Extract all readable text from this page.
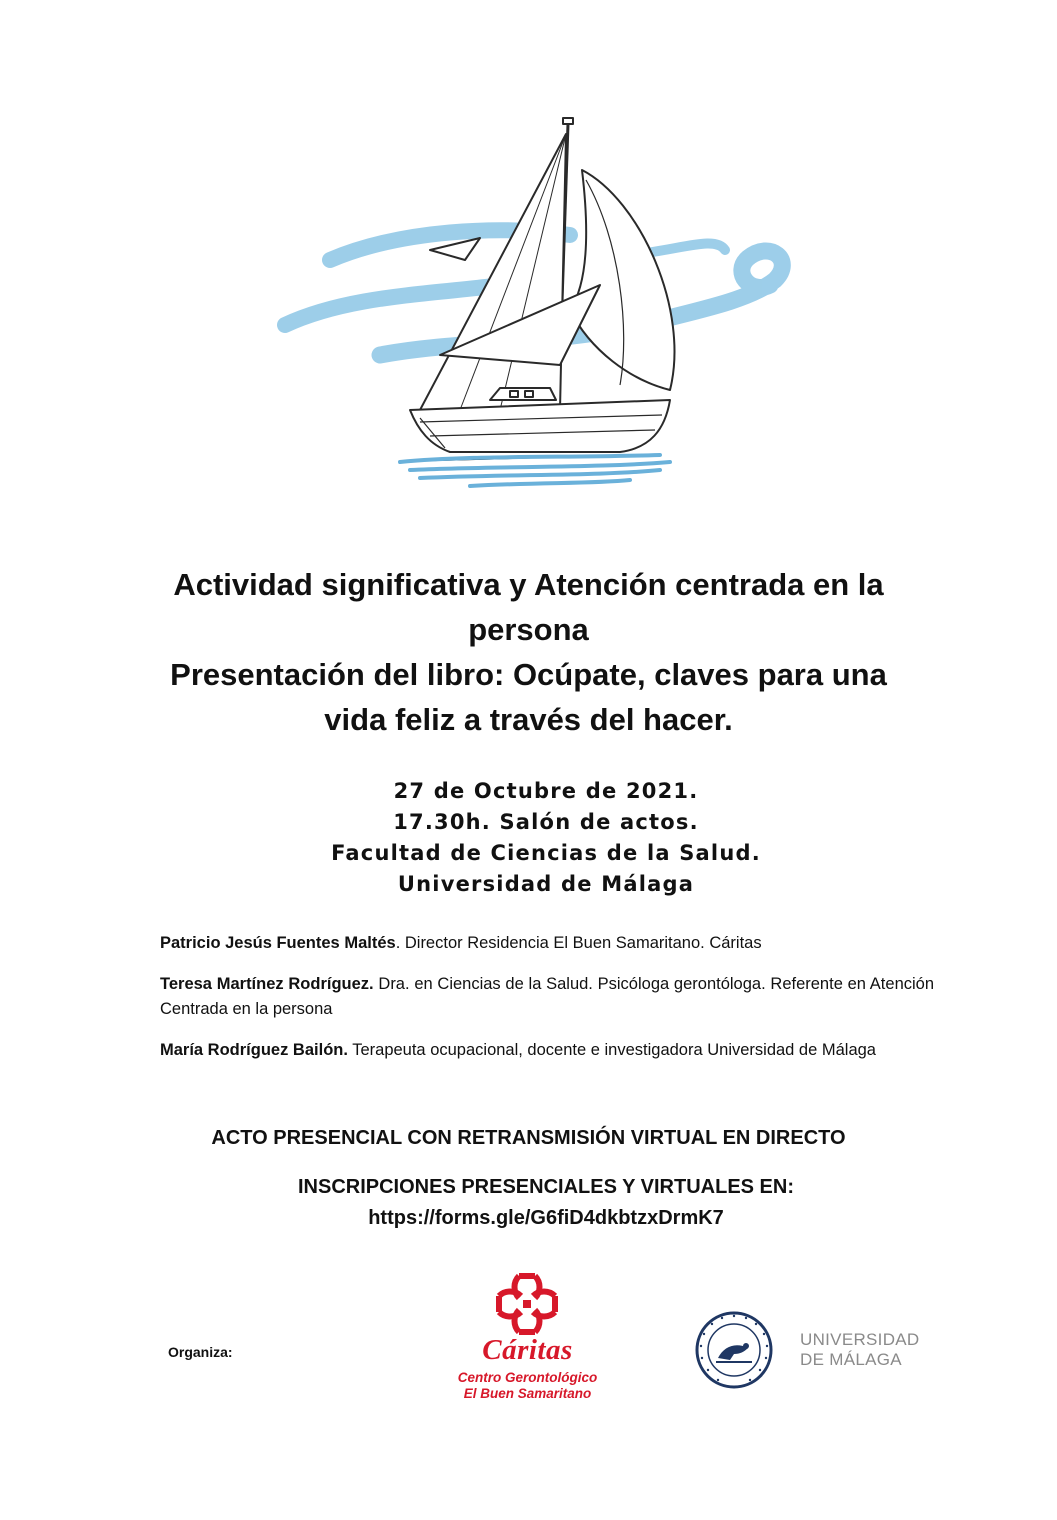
Actividad significativa y Atención centrada en la
persona
Presentación del libro: Ocúpate, claves para una
vida feliz a través del hacer.
27 de Octubre de 2021.
17.30h. Salón de actos.
Facultad de Ciencias de la Salud.
Universidad de Málaga

Patricio Jesús Fuentes Maltés. Director Residencia El Buen Samaritano. Cáritas

Teresa Martínez Rodríguez. Dra. en Ciencias de la Salud. Psicóloga gerontóloga. Referente en Atención Centrada en la persona

María Rodríguez Bailón. Terapeuta ocupacional, docente e investigadora Universidad de Málaga

ACTO PRESENCIAL CON RETRANSMISIÓN VIRTUAL EN DIRECTO
INSCRIPCIONES PRESENCIALES Y VIRTUALES EN:
https://forms.gle/G6fiD4dkbtzxDrmK7
Organiza:	Cáritas
Centro Gerontológico
El Buen Samaritano
UNIVERSIDAD
DE MÁLAGA
